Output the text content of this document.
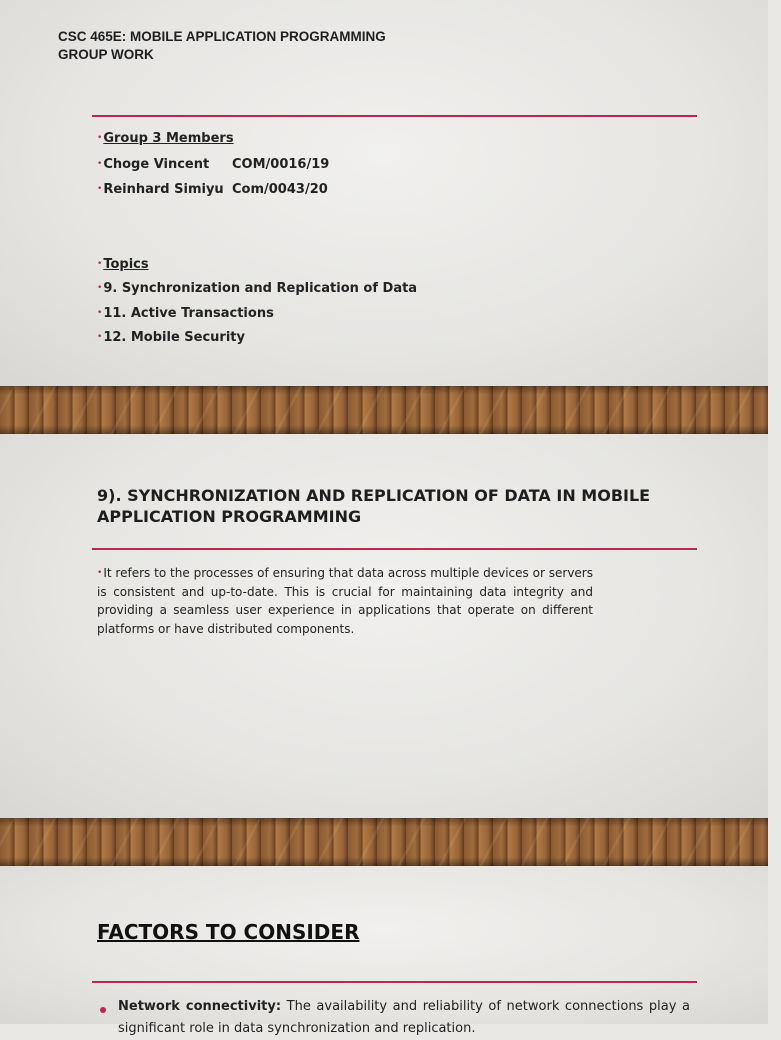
CSC 465E: MOBILE APPLICATION PROGRAMMING
GROUP WORK
•Group 3 Members
•Choge Vincent COM/0016/19
•Reinhard Simiyu Com/0043/20
•Topics
•9. Synchronization and Replication of Data
•11. Active Transactions
•12. Mobile Security
9). SYNCHRONIZATION AND REPLICATION OF DATA IN MOBILE
APPLICATION PROGRAMMING
•It refers to the processes of ensuring that data across multiple devices or servers is consistent and up-to-date. This is crucial for maintaining data integrity and providing a seamless user experience in applications that operate on different platforms or have distributed components.
FACTORS TO CONSIDER
Network connectivity: The availability and reliability of network connections play a significant role in data synchronization and replication.
